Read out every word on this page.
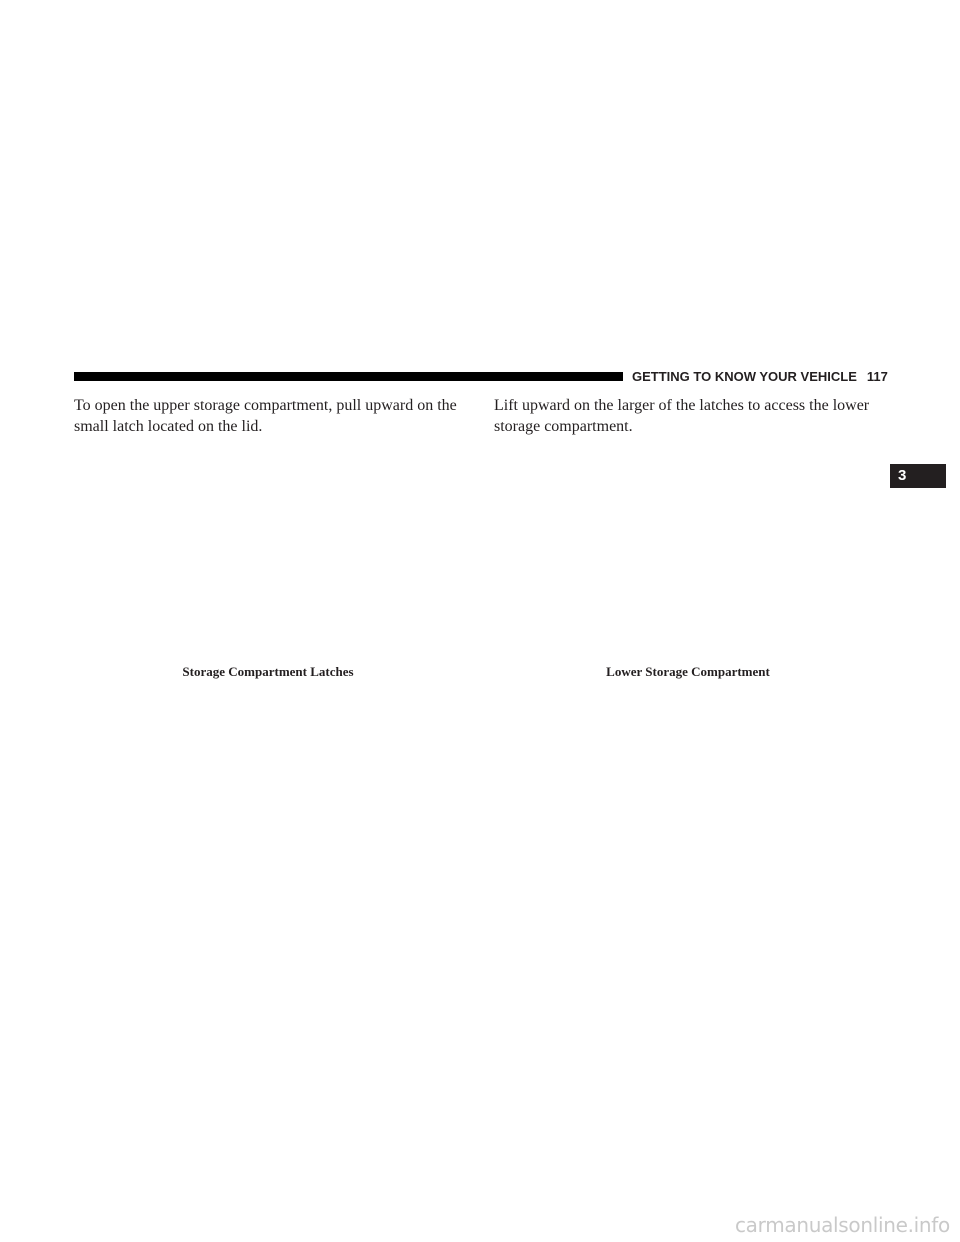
GETTING TO KNOW YOUR VEHICLE 117

To open the upper storage compartment, pull upward on the small latch located on the lid.

Lift upward on the larger of the latches to access the lower storage compartment.

Storage Compartment Latches	Lower Storage Compartment
3
carmanualsonline.info
